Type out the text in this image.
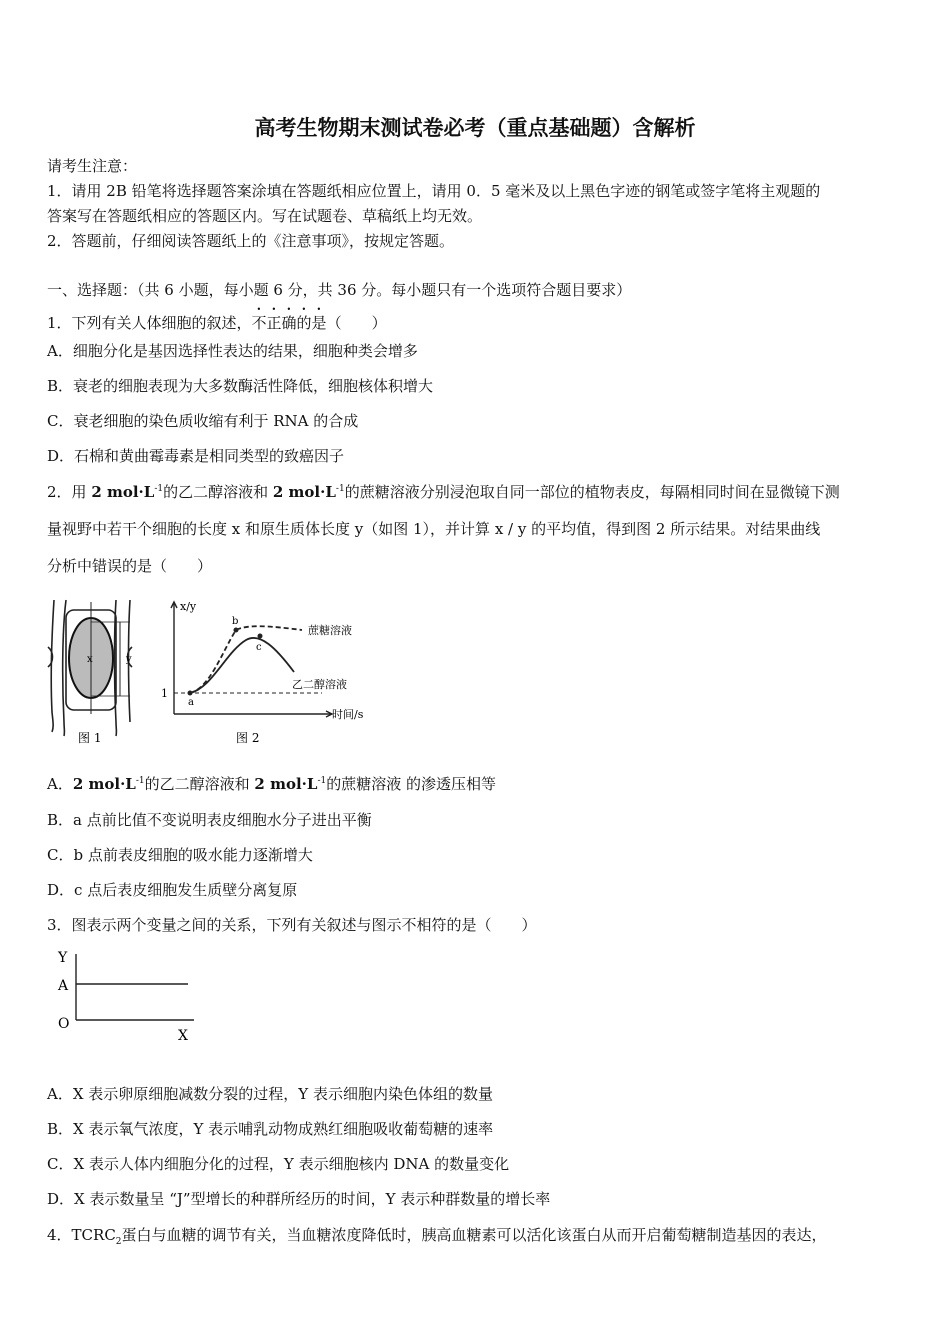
高考生物期末测试卷必考（重点基础题）含解析
请考生注意：
1．请用 2B 铅笔将选择题答案涂填在答题纸相应位置上，请用 0．5 毫米及以上黑色字迹的钢笔或签字笔将主观题的
答案写在答题纸相应的答题区内。写在试题卷、草稿纸上均无效。
2．答题前，仔细阅读答题纸上的《注意事项》，按规定答题。
一、选择题：（共 6 小题，每小题 6 分，共 36 分。每小题只有一个选项符合题目要求）
1．下列有关人体细胞的叙述，不正确的是（　　）
A．细胞分化是基因选择性表达的结果，细胞种类会增多
B．衰老的细胞表现为大多数酶活性降低，细胞核体积增大
C．衰老细胞的染色质收缩有利于 RNA 的合成
D．石棉和黄曲霉毒素是相同类型的致癌因子
2．用 2 $mol\cdot L^{-1}$的乙二醇溶液和 2 $mol\cdot L^{-1}$的蔗糖溶液分别浸泡取自同一部位的植物表皮，每隔相同时间在显微镜下测
量视野中若干个细胞的长度 x 和原生质体长度 y（如图 1），并计算 x / y 的平均值，得到图 2 所示结果。对结果曲线
分析中错误的是（　　）
x	y
图 1
x/y
时间/s
1
a
b
c
蔗糖溶液
乙二醇溶液
图 2
A．2 $mol\cdot L^{-1}$的乙二醇溶液和 2 $mol\cdot L^{-1}$的蔗糖溶液 的渗透压相等
B．a 点前比值不变说明表皮细胞水分子进出平衡
C．b 点前表皮细胞的吸水能力逐渐增大
D．c 点后表皮细胞发生质壁分离复原
3．图表示两个变量之间的关系，下列有关叙述与图示不相符的是（　　）
Y
A
O
X
A．X 表示卵原细胞减数分裂的过程，Y 表示细胞内染色体组的数量
B．X 表示氧气浓度，Y 表示哺乳动物成熟红细胞吸收葡萄糖的速率
C．X 表示人体内细胞分化的过程，Y 表示细胞核内 DNA 的数量变化
D．X 表示数量呈 “J”型增长的种群所经历的时间，Y 表示种群数量的增长率
4．$TCRC_2$蛋白与血糖的调节有关，当血糖浓度降低时，胰高血糖素可以活化该蛋白从而开启葡萄糖制造基因的表达，
